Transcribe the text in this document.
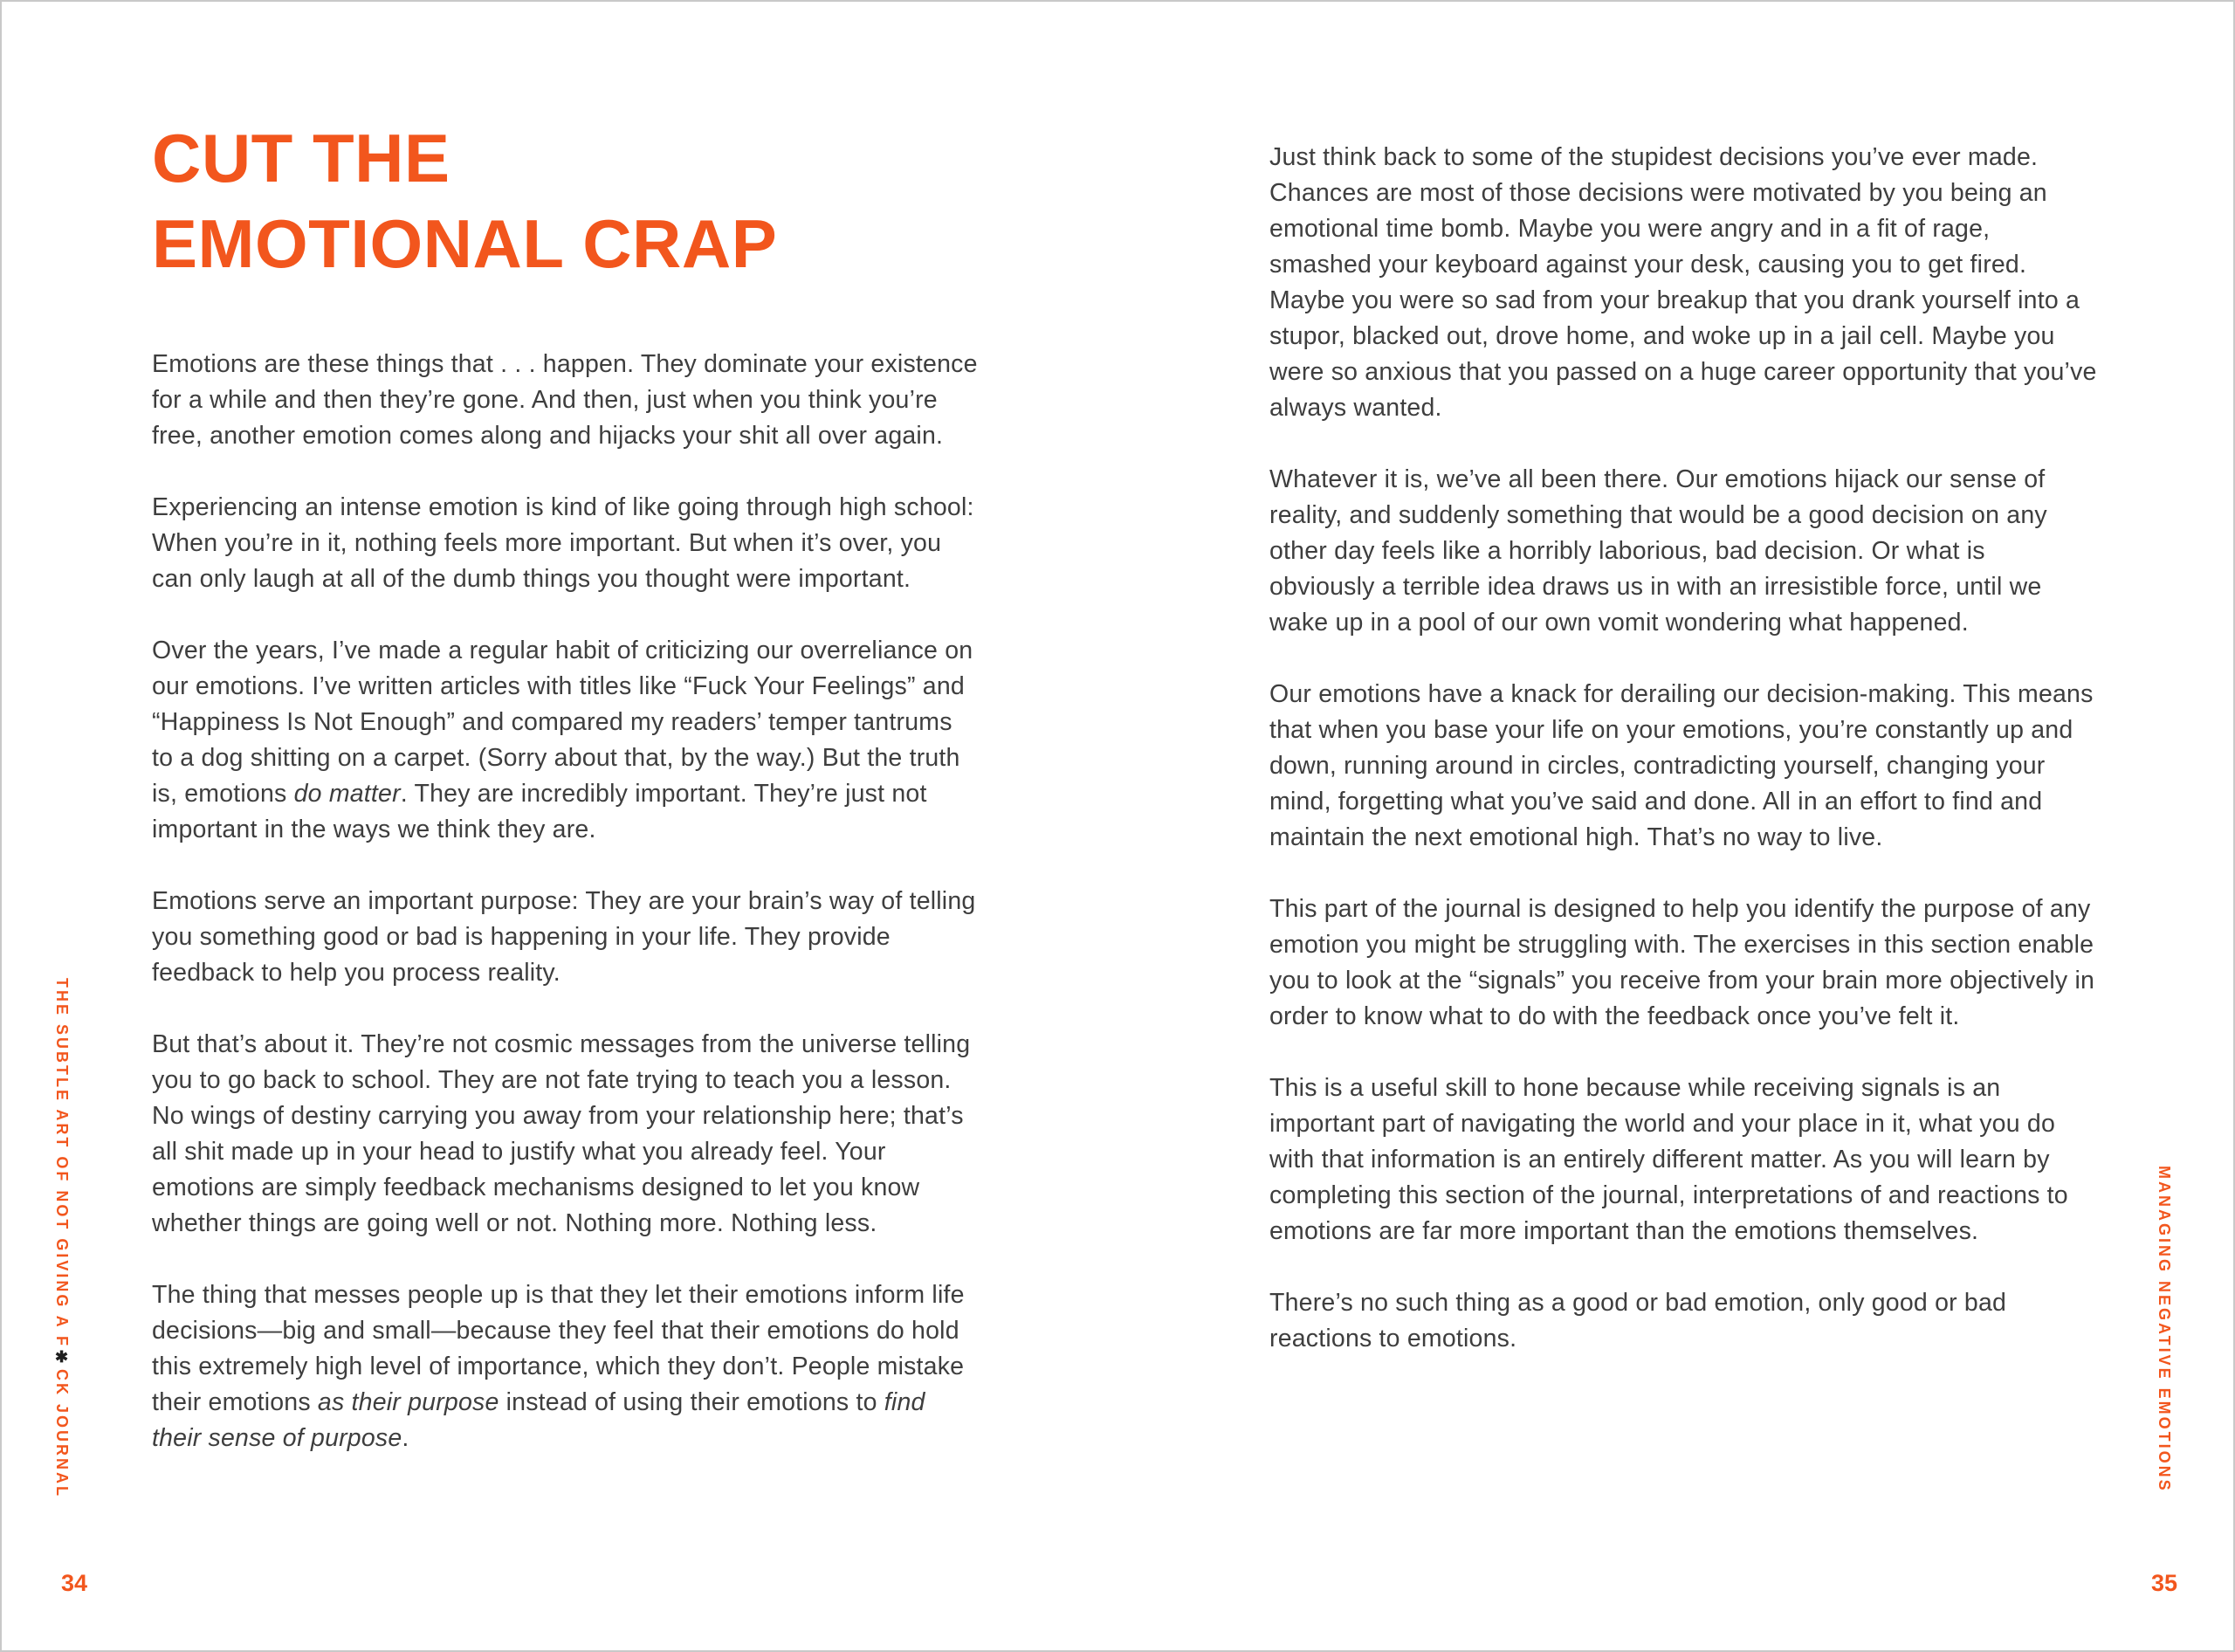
CUT THE
EMOTIONAL CRAP

Emotions are these things that . . . happen. They dominate your existence for a while and then they’re gone. And then, just when you think you’re free, another emotion comes along and hijacks your shit all over again.

Experiencing an intense emotion is kind of like going through high school: When you’re in it, nothing feels more important. But when it’s over, you can only laugh at all of the dumb things you thought were important.

Over the years, I’ve made a regular habit of criticizing our overreliance on our emotions. I’ve written articles with titles like “Fuck Your Feelings” and “Happiness Is Not Enough” and compared my readers’ temper tantrums to a dog shitting on a carpet. (Sorry about that, by the way.) But the truth is, emotions do matter. They are incredibly important. They’re just not important in the ways we think they are.

Emotions serve an important purpose: They are your brain’s way of telling you something good or bad is happening in your life. They provide feedback to help you process reality.

But that’s about it. They’re not cosmic messages from the universe telling you to go back to school. They are not fate trying to teach you a lesson. No wings of destiny carrying you away from your relationship here; that’s all shit made up in your head to justify what you already feel. Your emotions are simply feedback mechanisms designed to let you know whether things are going well or not. Nothing more. Nothing less.

The thing that messes people up is that they let their emotions inform life decisions—big and small—because they feel that their emotions do hold this extremely high level of importance, which they don’t. People mistake their emotions as their purpose instead of using their emotions to find their sense of purpose.

THE SUBTLE ART OF NOT GIVING A F✱CK JOURNAL
34

Just think back to some of the stupidest decisions you’ve ever made. Chances are most of those decisions were motivated by you being an emotional time bomb. Maybe you were angry and in a fit of rage, smashed your keyboard against your desk, causing you to get fired. Maybe you were so sad from your breakup that you drank yourself into a stupor, blacked out, drove home, and woke up in a jail cell. Maybe you were so anxious that you passed on a huge career opportunity that you’ve always wanted.

Whatever it is, we’ve all been there. Our emotions hijack our sense of reality, and suddenly something that would be a good decision on any other day feels like a horribly laborious, bad decision. Or what is obviously a terrible idea draws us in with an irresistible force, until we wake up in a pool of our own vomit wondering what happened.

Our emotions have a knack for derailing our decision-making. This means that when you base your life on your emotions, you’re constantly up and down, running around in circles, contradicting yourself, changing your mind, forgetting what you’ve said and done. All in an effort to find and maintain the next emotional high. That’s no way to live.

This part of the journal is designed to help you identify the purpose of any emotion you might be struggling with. The exercises in this section enable you to look at the “signals” you receive from your brain more objectively in order to know what to do with the feedback once you’ve felt it.

This is a useful skill to hone because while receiving signals is an important part of navigating the world and your place in it, what you do with that information is an entirely different matter. As you will learn by completing this section of the journal, interpretations of and reactions to emotions are far more important than the emotions themselves.

There’s no such thing as a good or bad emotion, only good or bad reactions to emotions.	MANAGING NEGATIVE EMOTIONS
35
